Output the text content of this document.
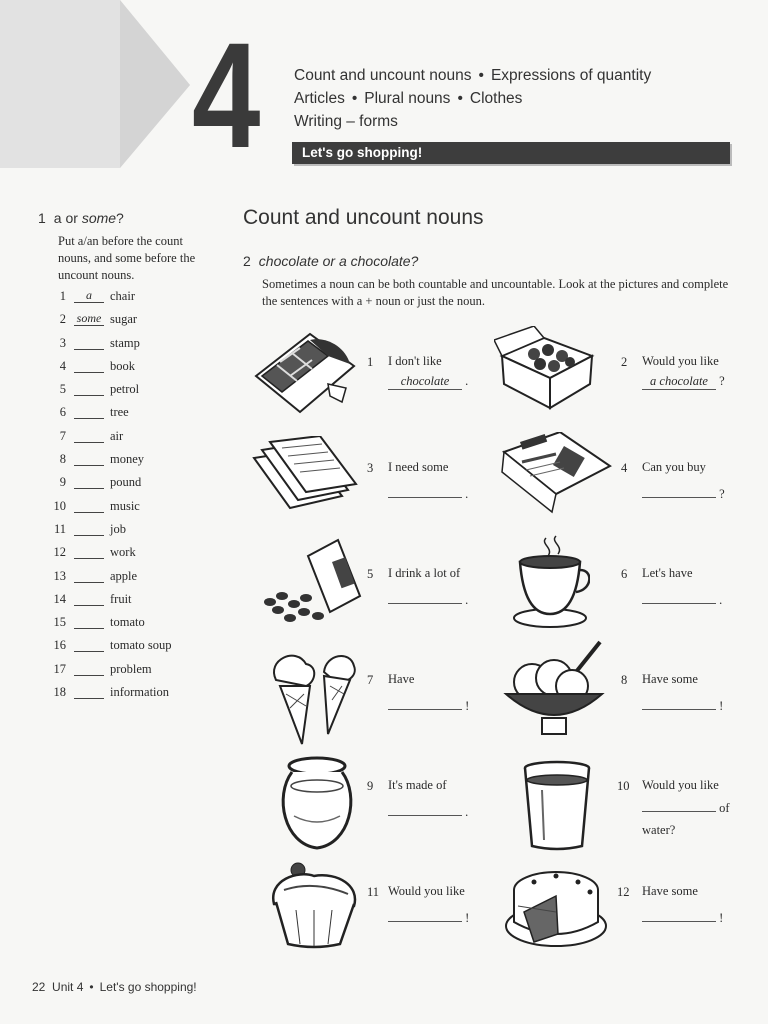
4 Count and uncount nouns • Expressions of quantity
Articles • Plural nouns • Clothes
Writing – forms
Let's go shopping!
1 a or some?
Put a/an before the count nouns, and some before the uncount nouns.
1	a	chair
2 some sugar
3	stamp
4	book
5	petrol
6	tree
7	air
8	money
9	pound
10	music
11	job
12	work
13	apple
14	fruit
15	tomato
16	tomato soup
17	problem
18	information
Count and uncount nouns
2 chocolate or a chocolate?
Sometimes a noun can be both countable and uncountable. Look at the pictures and complete the sentences with a + noun or just the noun.
1 I don't like
chocolate .
2 Would you like
a chocolate ?
3 I need some
.
4 Can you buy
?
5 I drink a lot of
.
6 Let's have
.
7 Have
!
8 Have some
!
9 It's made of
.
10 Would you like
of
water?
11 Would you like
!
12 Have some
!
22 Unit 4 • Let's go shopping!
